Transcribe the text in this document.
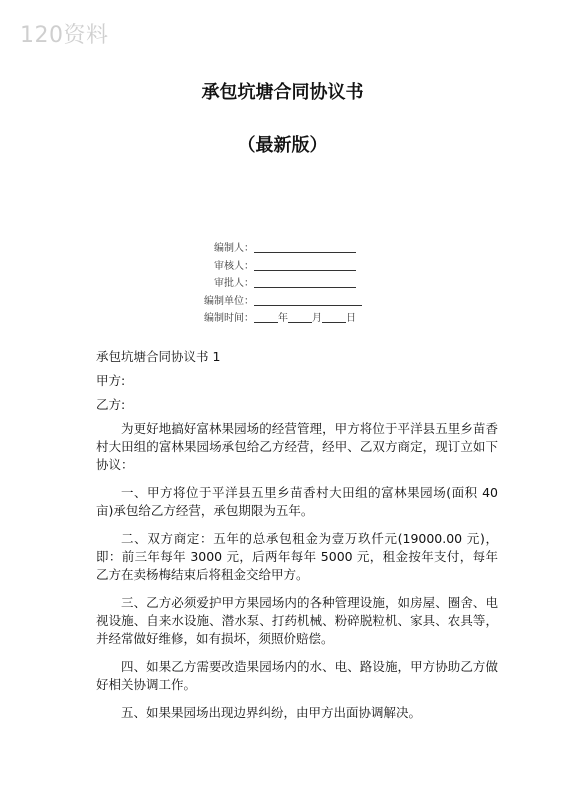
120资料
承包坑塘合同协议书
（最新版）
编制人：
审核人：
审批人：
编制单位：
编制时间： 年 月 日

承包坑塘合同协议书 1

甲方:

乙方:

为更好地搞好富林果园场的经营管理，甲方将位于平洋县五里乡苗香村大田组的富林果园场承包给乙方经营，经甲、乙双方商定，现订立如下协议：

一、甲方将位于平洋县五里乡苗香村大田组的富林果园场(面积 40 亩)承包给乙方经营，承包期限为五年。

二、双方商定：五年的总承包租金为壹万玖仟元(19000.00 元)，即：前三年每年 3000 元，后两年每年 5000 元，租金按年支付，每年乙方在卖杨梅结束后将租金交给甲方。

三、乙方必须爱护甲方果园场内的各种管理设施，如房屋、圈舍、电视设施、自来水设施、潜水泵、打药机械、粉碎脱粒机、家具、农具等，并经常做好维修，如有损坏，须照价赔偿。

四、如果乙方需要改造果园场内的水、电、路设施，甲方协助乙方做好相关协调工作。

五、如果果园场出现边界纠纷，由甲方出面协调解决。
